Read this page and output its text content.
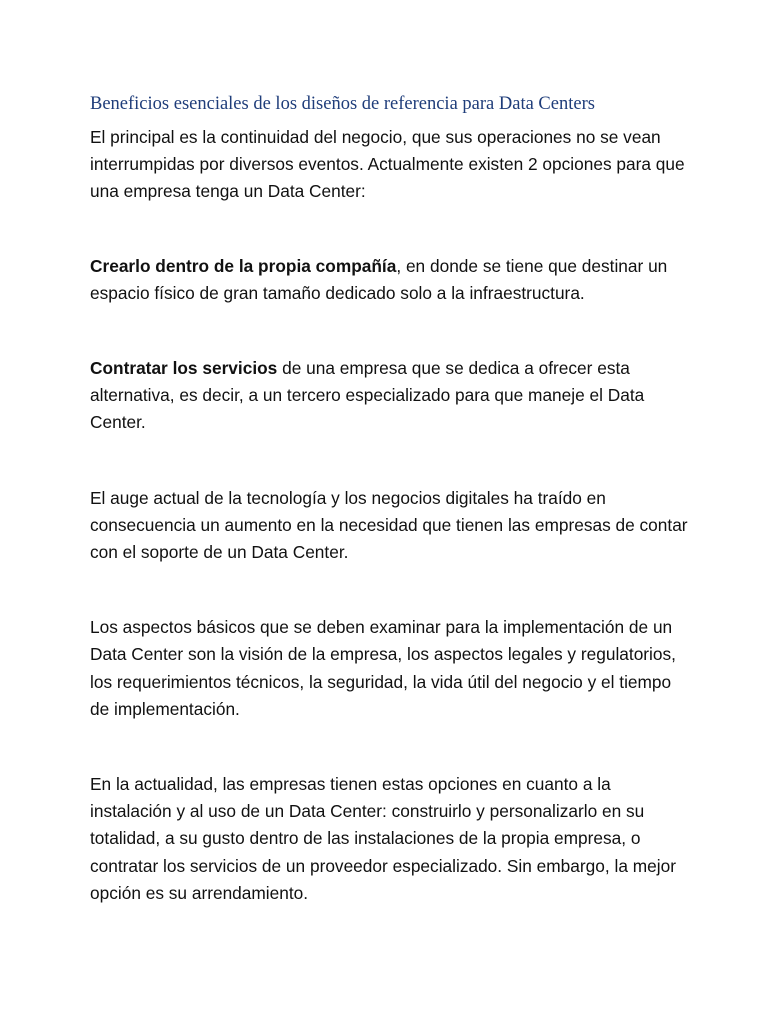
Beneficios esenciales de los diseños de referencia para Data Centers

El principal es la continuidad del negocio, que sus operaciones no se vean interrumpidas por diversos eventos. Actualmente existen 2 opciones para que una empresa tenga un Data Center:

Crearlo dentro de la propia compañía, en donde se tiene que destinar un espacio físico de gran tamaño dedicado solo a la infraestructura.

Contratar los servicios de una empresa que se dedica a ofrecer esta alternativa, es decir, a un tercero especializado para que maneje el Data Center.

El auge actual de la tecnología y los negocios digitales ha traído en consecuencia un aumento en la necesidad que tienen las empresas de contar con el soporte de un Data Center.

Los aspectos básicos que se deben examinar para la implementación de un Data Center son la visión de la empresa, los aspectos legales y regulatorios, los requerimientos técnicos, la seguridad, la vida útil del negocio y el tiempo de implementación.

En la actualidad, las empresas tienen estas opciones en cuanto a la instalación y al uso de un Data Center: construirlo y personalizarlo en su totalidad, a su gusto dentro de las instalaciones de la propia empresa, o contratar los servicios de un proveedor especializado. Sin embargo, la mejor opción es su arrendamiento.
